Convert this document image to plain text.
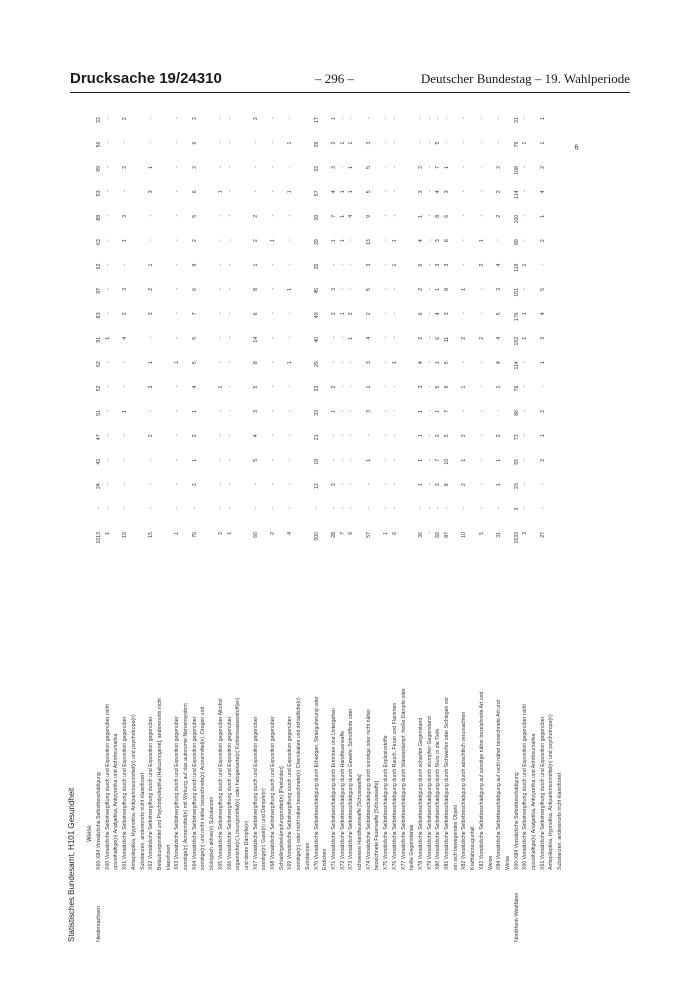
Drucksache 19/24310	– 296 –	Deutscher Bundestag – 19. Wahlperiode
Statistisches Bundesamt, H101 Gesundheit Weise
Niedersachsen
X60-X84 Vorsätzliche Selbstbeschädigung
1013
-
24
43
47
51
52
62
91
83
97
62
63
88
93
99
56
33
X60 Vorsätzliche Selbstvergiftung durch und Exposition gegenüber nicht
1
-
-
-
-
-
-
-
1
-
-
-
-
-
-
-
-
-
opioidhaltige(n) Analgetika, Antipyretika und Antirheumatika X61 Vorsätzliche Selbstvergiftung durch und Exposition gegenüber
19
-
-
-
-
1
-
-
4
2
3
-
1
3
-
3
-
2
Antiepileptika, Hypnotika, Antiparkinsonmittel(n) und psychotrope(n) Substanzen, anderenorts nicht klassifiziert X62 Vorsätzliche Selbstvergiftung durch und Exposition gegenüber
15
-
-
-
2
-
3
1
-
3
2
1
-
-
3
1
-
-
Betäubungsmittel und Psychodysleptika [Halluzinogene], anderenorts nicht klassifiziert X63 Vorsätzliche Selbstvergiftung durch und Exposition gegenüber
1
-
-
-
-
-
-
1
-
-
-
-
-
-
-
-
-
-
sonstige(n) Arzneimittel(n) mit Wirkung auf das autonome Nervensystem X64 Vorsätzliche Selbstvergiftung durch und Exposition gegenüber
70
-
2
1
2
1
4
5
5
7
6
9
2
5
6
2
6
3
sonstige(n) und nicht näher bezeichnete(n) Arzneimittel(n), Drogen und biologisch aktive(n) Substanzen X65 Vorsätzliche Selbstvergiftung durch und Exposition gegenüber Alkohol
2
-
-
-
-
-
1
-
-
-
-
-
-
-
1
-
-
-
X66 Vorsätzliche Selbstvergiftung durch und Exposition gegenüber
1
-
-
-
-
-
-
-
-
-
-
-
-
-
-
-
-
-
organische(n) Lösungsmittel(n) oder halogenierte(n) Kohlenwasserstoff(en) und deren Dämpfe(n) X67 Vorsätzliche Selbstvergiftung durch und Exposition gegenüber
60
-
-
5
4
3
5
8
14
6
8
1
2
2
-
-
-
2
sonstige(n) Gase(n) und Dämpfe(n) X68 Vorsätzliche Selbstvergiftung durch und Exposition gegenüber
2
-
-
-
-
-
-
-
-
-
-
-
1
-
-
-
-
-
Schädlingsbekämpfungsmittel(n) [Pestiziden] X69 Vorsätzliche Selbstvergiftung durch und Exposition gegenüber
4
-
-
-
-
-
-
1
-
-
1
-
-
-
1
-
1
-
sonstige(n) oder nicht näher bezeichnete(n) Chemikalien und schädliche(n) Substanzen X70 Vorsätzliche Selbstbeschädigung durch Erhängen, Strangulierung oder
500
-
12
19
21
33
23
29
40
49
45
35
29
39
57
33
29
17
Ersticken X71 Vorsätzliche Selbstbeschädigung durch Ertrinken und Untergehen
28
-
2
-
-
1
2
-
-
2
3
-
1
7
4
3
2
1
X72 Vorsätzliche Selbstbeschädigung durch Handfeuerwaffe
7
-
-
-
-
-
-
-
-
1
-
-
1
1
1
-
1
-
X73 Vorsätzliche Selbstbeschädigung durch Gewehr, Schrotflinte oder
9
-
-
-
-
-
-
-
1
2
-
-
-
4
1
1
1
-
schwerere Handfeuerwaffe [Schusswaffe] X74 Vorsätzliche Selbstbeschädigung durch sonstige oder nicht näher
57
-
-
1
-
3
1
3
4
2
5
3
13
9
5
5
3
-
bezeichnete Feuerwaffe [Schusswaffe] X75 Vorsätzliche Selbstbeschädigung durch Explosivstoffe
1
-
-
-
-
-
-
-
-
-
-
-
-
-
-
-
-
-
X76 Vorsätzliche Selbstbeschädigung durch Rauch, Feuer und Flammen
6
-
-
-
-
-
-
1
-
-
-
1
1
-
-
-
-
-
X77 Vorsätzliche Selbstbeschädigung durch Wasserdampf, heiße Dämpfe oder heiße Gegenstände X78 Vorsätzliche Selbstbeschädigung durch scharfen Gegenstand
36
-
1
1
1
1
3
4
2
6
2
6
4
1
3
2
-
-
X79 Vorsätzliche Selbstbeschädigung durch stumpfen Gegenstand
-
-
-
-
-
-
-
-
-
-
-
-
-
-
-
-
-
-
X80 Vorsätzliche Selbstbeschädigung durch Sturz in die Tiefe
60
-
3
7
2
1
5
1
6
4
1
3
3
8
4
7
5
-
X81 Vorsätzliche Selbstbeschädigung durch Sichwerfen oder Sichlegen vor
87
-
8
10
5
7
9
5
11
3
8
3
8
6
3
1
-
-
ein sich bewegendes Objekt X82 Vorsätzliche Selbstbeschädigung durch absichtlich verursachten
10
-
2
1
3
-
1
-
2
-
1
-
-
-
-
-
-
-
Kraftfahrzeugunfall X83 Vorsätzliche Selbstbeschädigung auf sonstige näher bezeichnete Art und
5
-
-
-
-
-
-
-
2
-
-
2
1
-
-
-
-
-
Weise X84 Vorsätzliche Selbstbeschädigung auf nicht näher bezeichnete Art und
31
-
1
1
2
-
1
4
4
5
3
4
-
2
2
2
-
-
Weise
Nordrhein-Westfalen
X60-X84 Vorsätzliche Selbstbeschädigung
1533
3
23
55
73
86
76
114
152
176
151
119
89
100
114
108
79
31
X60 Vorsätzliche Selbstvergiftung durch und Exposition gegenüber nicht
3
-
-
-
-
-
-
-
1
1
-
1
-
-
-
-
1
-
opioidhaltige(n) Analgetika, Antipyretika und Antirheumatika X61 Vorsätzliche Selbstvergiftung durch und Exposition gegenüber
27
-
-
2
1
2
-
1
3
4
5
-
2
1
4
2
1
1
Antiepileptika, Hypnotika, Antiparkinsonmittel(n) und psychotrope(n) Substanzen, anderenorts nicht klassifiziert
6
